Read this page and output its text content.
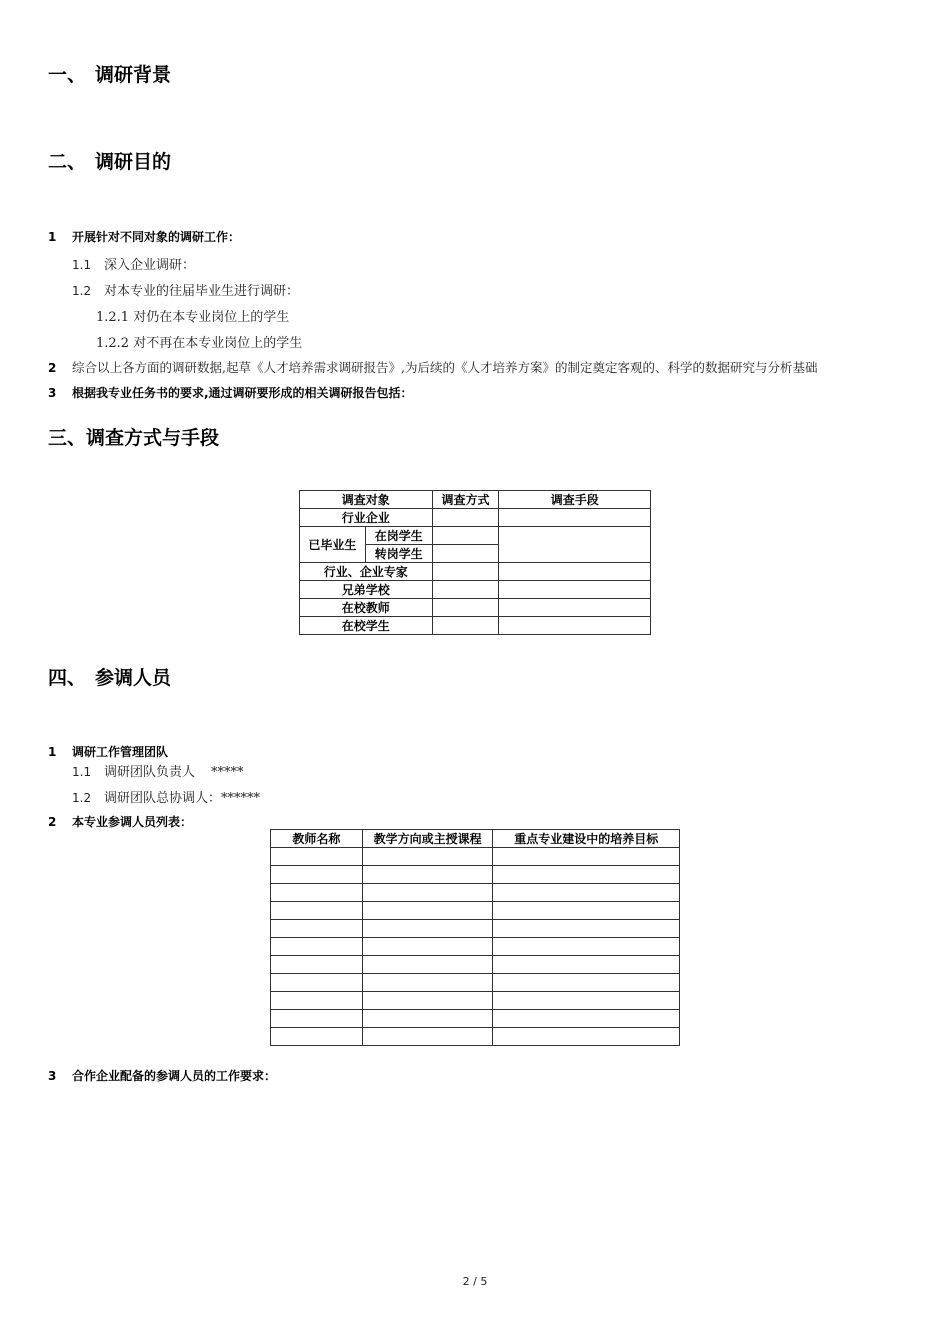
一、 调研背景
二、 调研目的
1 开展针对不同对象的调研工作：
1.1 深入企业调研：
1.2 对本专业的往届毕业生进行调研：
1.2.1 对仍在本专业岗位上的学生
1.2.2 对不再在本专业岗位上的学生
2 综合以上各方面的调研数据,起草《人才培养需求调研报告》,为后续的《人才培养方案》的制定奠定客观的、科学的数据研究与分析基础
3 根据我专业任务书的要求,通过调研要形成的相关调研报告包括：
三、调查方式与手段
调查对象		调查方式	调查手段
行业企业			
已毕业生	在岗学生		
	转岗学生		
行业、企业专家			
兄弟学校			
在校教师			
在校学生			
四、 参调人员
1 调研工作管理团队
1.1 调研团队负责人 *****
1.2 调研团队总协调人：******
2 本专业参调人员列表：
教师名称	教学方向或主授课程	重点专业建设中的培养目标

3 合作企业配备的参调人员的工作要求：
2 / 5
